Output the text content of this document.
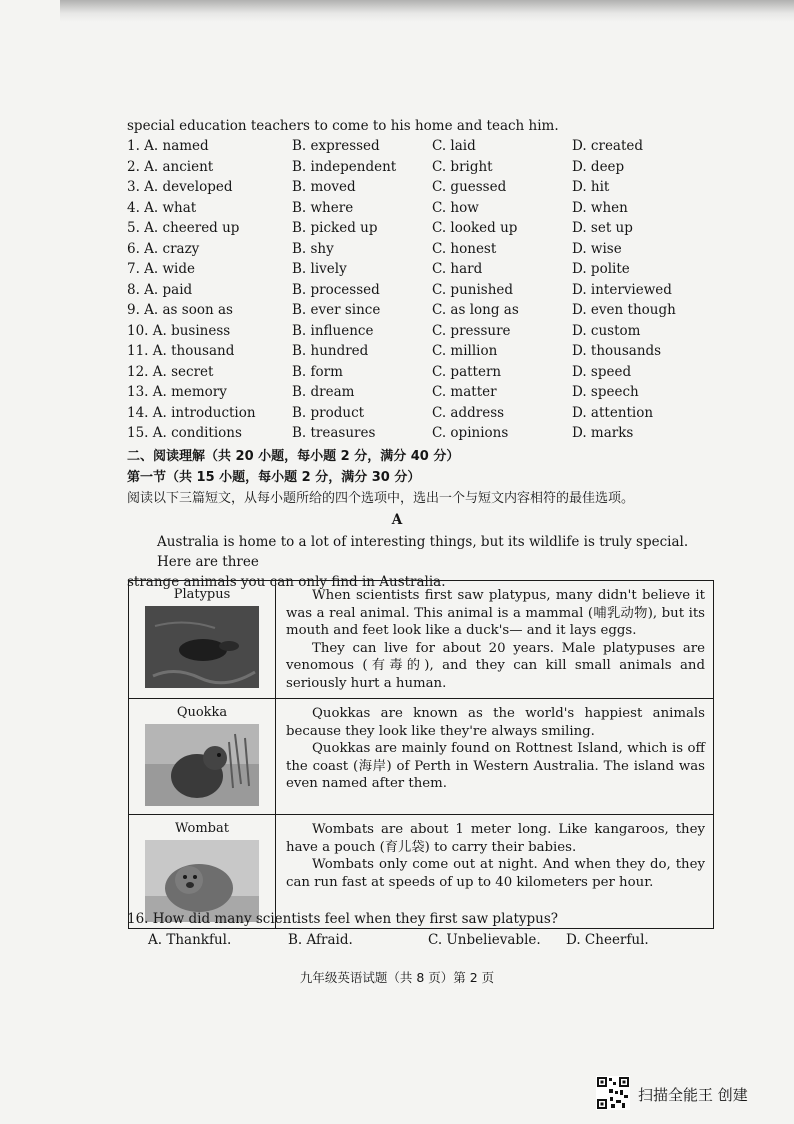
special education teachers to come to his home and teach him.
1. A. named	B. expressed	C. laid	D. created
2. A. ancient	B. independent	C. bright	D. deep
3. A. developed	B. moved	C. guessed	D. hit
4. A. what	B. where	C. how	D. when
5. A. cheered up	B. picked up	C. looked up	D. set up
6. A. crazy	B. shy	C. honest	D. wise
7. A. wide	B. lively	C. hard	D. polite
8. A. paid	B. processed	C. punished	D. interviewed
9. A. as soon as	B. ever since	C. as long as	D. even though
10. A. business	B. influence	C. pressure	D. custom
11. A. thousand	B. hundred	C. million	D. thousands
12. A. secret	B. form	C. pattern	D. speed
13. A. memory	B. dream	C. matter	D. speech
14. A. introduction	B. product	C. address	D. attention
15. A. conditions	B. treasures	C. opinions	D. marks
二、阅读理解（共 20 小题，每小题 2 分，满分 40 分）
第一节（共 15 小题，每小题 2 分，满分 30 分）
阅读以下三篇短文，从每小题所给的四个选项中，选出一个与短文内容相符的最佳选项。
A
Australia is home to a lot of interesting things, but its wildlife is truly special. Here are three
strange animals you can only find in Australia.
Platypus	When scientists first saw platypus, many didn't believe it was a real animal. This animal is a mammal (哺乳动物), but its mouth and feet look like a duck's— and it lays eggs.

They can live for about 20 years. Male platypuses are venomous (有毒的), and they can kill small animals and seriously hurt a human.

Quokka	Quokkas are known as the world's happiest animals because they look like they're always smiling.

Quokkas are mainly found on Rottnest Island, which is off the coast (海岸) of Perth in Western Australia. The island was even named after them.

Wombat	Wombats are about 1 meter long. Like kangaroos, they have a pouch (育儿袋) to carry their babies.

Wombats only come out at night. And when they do, they can run fast at speeds of up to 40 kilometers per hour.

16. How did many scientists feel when they first saw platypus?
A. Thankful.	B. Afraid.	C. Unbelievable. D. Cheerful.
九年级英语试题（共 8 页）第 2 页
扫描全能王 创建
